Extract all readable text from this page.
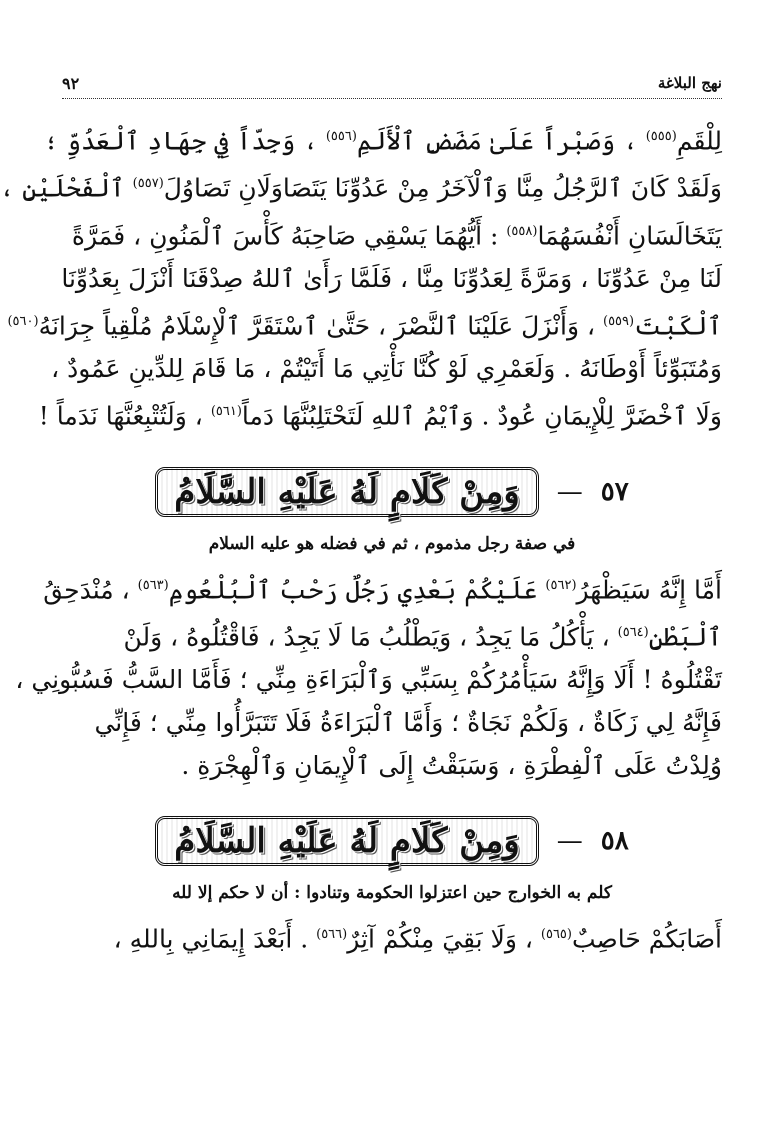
نهج البلاغة
٩٢

لِلْقَمِ$^{(٥٥٥)}$ ، وَصَبْراً عَلَىٰ مَضَضِ ٱلْأَلَمِ$^{(٥٥٦)}$ ، وَجِدّاً فِي جِهَادِ ٱلْعَدُوِّ ؛
وَلَقَدْ كَانَ ٱلرَّجُلُ مِنَّا وَٱلْآخَرُ مِنْ عَدُوِّنَا يَتَصَاوَلَانِ تَصَاوُلَ$^{(٥٥٧)}$ ٱلْفَحْلَيْنِ ،
يَتَخَالَسَانِ أَنْفُسَهُمَا$^{(٥٥٨)}$ : أَيُّهُمَا يَسْقِي صَاحِبَهُ كَأْسَ ٱلْمَنُونِ ، فَمَرَّةً
لَنَا مِنْ عَدُوِّنَا ، وَمَرَّةً لِعَدُوِّنَا مِنَّا ، فَلَمَّا رَأَىٰ ٱللهُ صِدْقَنَا أَنْزَلَ بِعَدُوِّنَا
ٱلْكَبْتَ$^{(٥٥٩)}$ ، وَأَنْزَلَ عَلَيْنَا ٱلنَّصْرَ ، حَتَّىٰ ٱسْتَقَرَّ ٱلْإِسْلَامُ مُلْقِياً جِرَانَهُ$^{(٥٦٠)}$
وَمُتَبَوِّئاً أَوْطَانَهُ . وَلَعَمْرِي لَوْ كُنَّا نَأْتِي مَا أَتَيْتُمْ ، مَا قَامَ لِلدِّينِ عَمُودٌ ،
وَلَا ٱخْضَرَّ لِلْإِيمَانِ عُودٌ . وَٱيْمُ ٱللهِ لَتَحْتَلِبُنَّهَا دَماً$^{(٥٦١)}$ ، وَلَتُتْبِعُنَّهَا نَدَماً !

٥٧
—
وَمِنْ كَلَامٍ لَهُ عَلَيْهِ السَّلَامُ
في صفة رجل مذموم ، ثم في فضله هو عليه السلام

أَمَّا إِنَّهُ سَيَظْهَرُ$^{(٥٦٢)}$ عَلَيْكُمْ بَعْدِي رَجُلٌ رَحْبُ ٱلْبُلْعُومِ$^{(٥٦٣)}$ ، مُنْدَحِقُ
ٱلْبَطْنِ$^{(٥٦٤)}$ ، يَأْكُلُ مَا يَجِدُ ، وَيَطْلُبُ مَا لَا يَجِدُ ، فَاقْتُلُوهُ ، وَلَنْ
تَقْتُلُوهُ ! أَلَا وَإِنَّهُ سَيَأْمُرُكُمْ بِسَبِّي وَٱلْبَرَاءَةِ مِنِّي ؛ فَأَمَّا السَّبُّ فَسُبُّونِي ،
فَإِنَّهُ لِي زَكَاةٌ ، وَلَكُمْ نَجَاةٌ ؛ وَأَمَّا ٱلْبَرَاءَةُ فَلَا تَتَبَرَّأُوا مِنِّي ؛ فَإِنِّي
وُلِدْتُ عَلَى ٱلْفِطْرَةِ ، وَسَبَقْتُ إِلَى ٱلْإِيمَانِ وَٱلْهِجْرَةِ .

٥٨
—
وَمِنْ كَلَامٍ لَهُ عَلَيْهِ السَّلَامُ
كلم به الخوارج حين اعتزلوا الحكومة وتنادوا : أن لا حكم إلا لله

أَصَابَكُمْ حَاصِبٌ$^{(٥٦٥)}$ ، وَلَا بَقِيَ مِنْكُمْ آثِرٌ$^{(٥٦٦)}$ . أَبَعْدَ إِيمَانِي بِاللهِ ،
